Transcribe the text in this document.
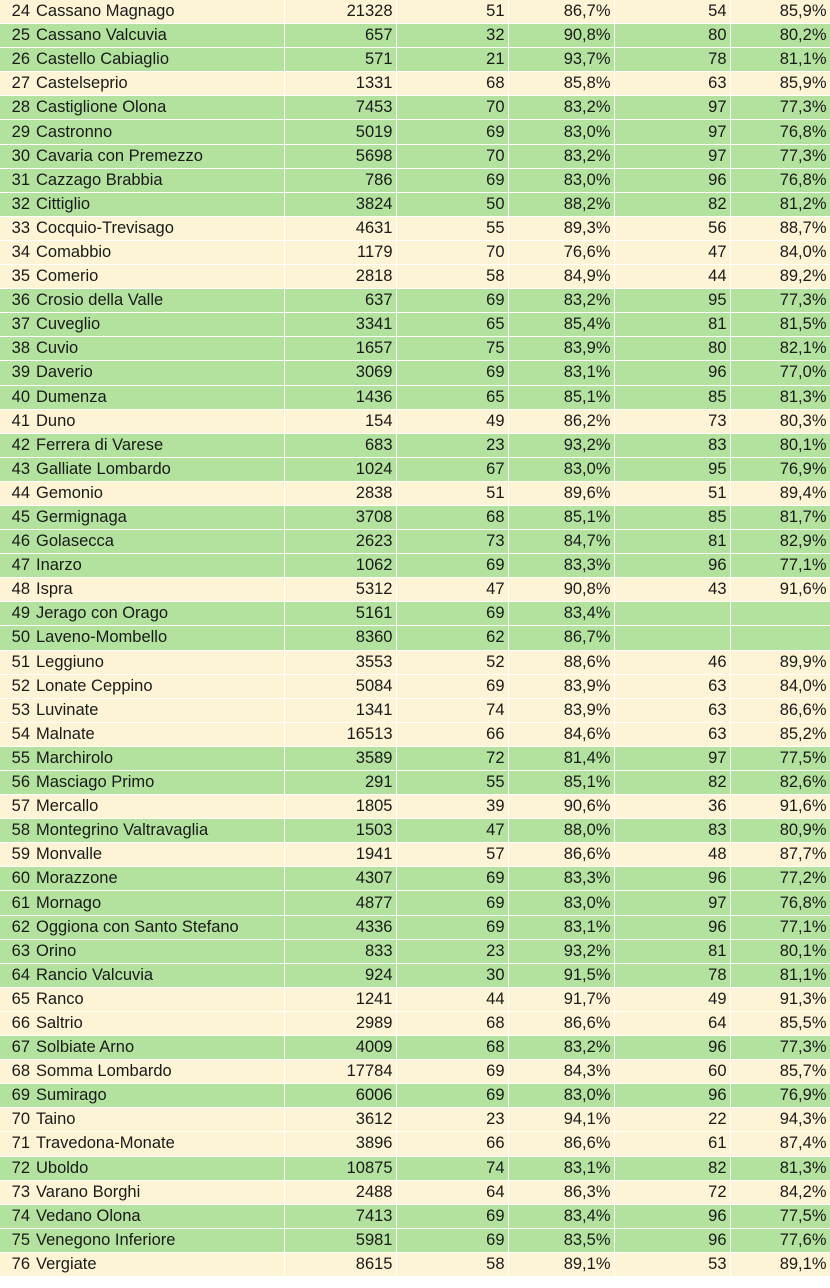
24	Cassano Magnago	21328	51	86,7%	54	85,9%
25	Cassano Valcuvia	657	32	90,8%	80	80,2%
26	Castello Cabiaglio	571	21	93,7%	78	81,1%
27	Castelseprio	1331	68	85,8%	63	85,9%
28	Castiglione Olona	7453	70	83,2%	97	77,3%
29	Castronno	5019	69	83,0%	97	76,8%
30	Cavaria con Premezzo	5698	70	83,2%	97	77,3%
31	Cazzago Brabbia	786	69	83,0%	96	76,8%
32	Cittiglio	3824	50	88,2%	82	81,2%
33	Cocquio-Trevisago	4631	55	89,3%	56	88,7%
34	Comabbio	1179	70	76,6%	47	84,0%
35	Comerio	2818	58	84,9%	44	89,2%
36	Crosio della Valle	637	69	83,2%	95	77,3%
37	Cuveglio	3341	65	85,4%	81	81,5%
38	Cuvio	1657	75	83,9%	80	82,1%
39	Daverio	3069	69	83,1%	96	77,0%
40	Dumenza	1436	65	85,1%	85	81,3%
41	Duno	154	49	86,2%	73	80,3%
42	Ferrera di Varese	683	23	93,2%	83	80,1%
43	Galliate Lombardo	1024	67	83,0%	95	76,9%
44	Gemonio	2838	51	89,6%	51	89,4%
45	Germignaga	3708	68	85,1%	85	81,7%
46	Golasecca	2623	73	84,7%	81	82,9%
47	Inarzo	1062	69	83,3%	96	77,1%
48	Ispra	5312	47	90,8%	43	91,6%
49	Jerago con Orago	5161	69	83,4%		
50	Laveno-Mombello	8360	62	86,7%		
51	Leggiuno	3553	52	88,6%	46	89,9%
52	Lonate Ceppino	5084	69	83,9%	63	84,0%
53	Luvinate	1341	74	83,9%	63	86,6%
54	Malnate	16513	66	84,6%	63	85,2%
55	Marchirolo	3589	72	81,4%	97	77,5%
56	Masciago Primo	291	55	85,1%	82	82,6%
57	Mercallo	1805	39	90,6%	36	91,6%
58	Montegrino Valtravaglia	1503	47	88,0%	83	80,9%
59	Monvalle	1941	57	86,6%	48	87,7%
60	Morazzone	4307	69	83,3%	96	77,2%
61	Mornago	4877	69	83,0%	97	76,8%
62	Oggiona con Santo Stefano	4336	69	83,1%	96	77,1%
63	Orino	833	23	93,2%	81	80,1%
64	Rancio Valcuvia	924	30	91,5%	78	81,1%
65	Ranco	1241	44	91,7%	49	91,3%
66	Saltrio	2989	68	86,6%	64	85,5%
67	Solbiate Arno	4009	68	83,2%	96	77,3%
68	Somma Lombardo	17784	69	84,3%	60	85,7%
69	Sumirago	6006	69	83,0%	96	76,9%
70	Taino	3612	23	94,1%	22	94,3%
71	Travedona-Monate	3896	66	86,6%	61	87,4%
72	Uboldo	10875	74	83,1%	82	81,3%
73	Varano Borghi	2488	64	86,3%	72	84,2%
74	Vedano Olona	7413	69	83,4%	96	77,5%
75	Venegono Inferiore	5981	69	83,5%	96	77,6%
76	Vergiate	8615	58	89,1%	53	89,1%
